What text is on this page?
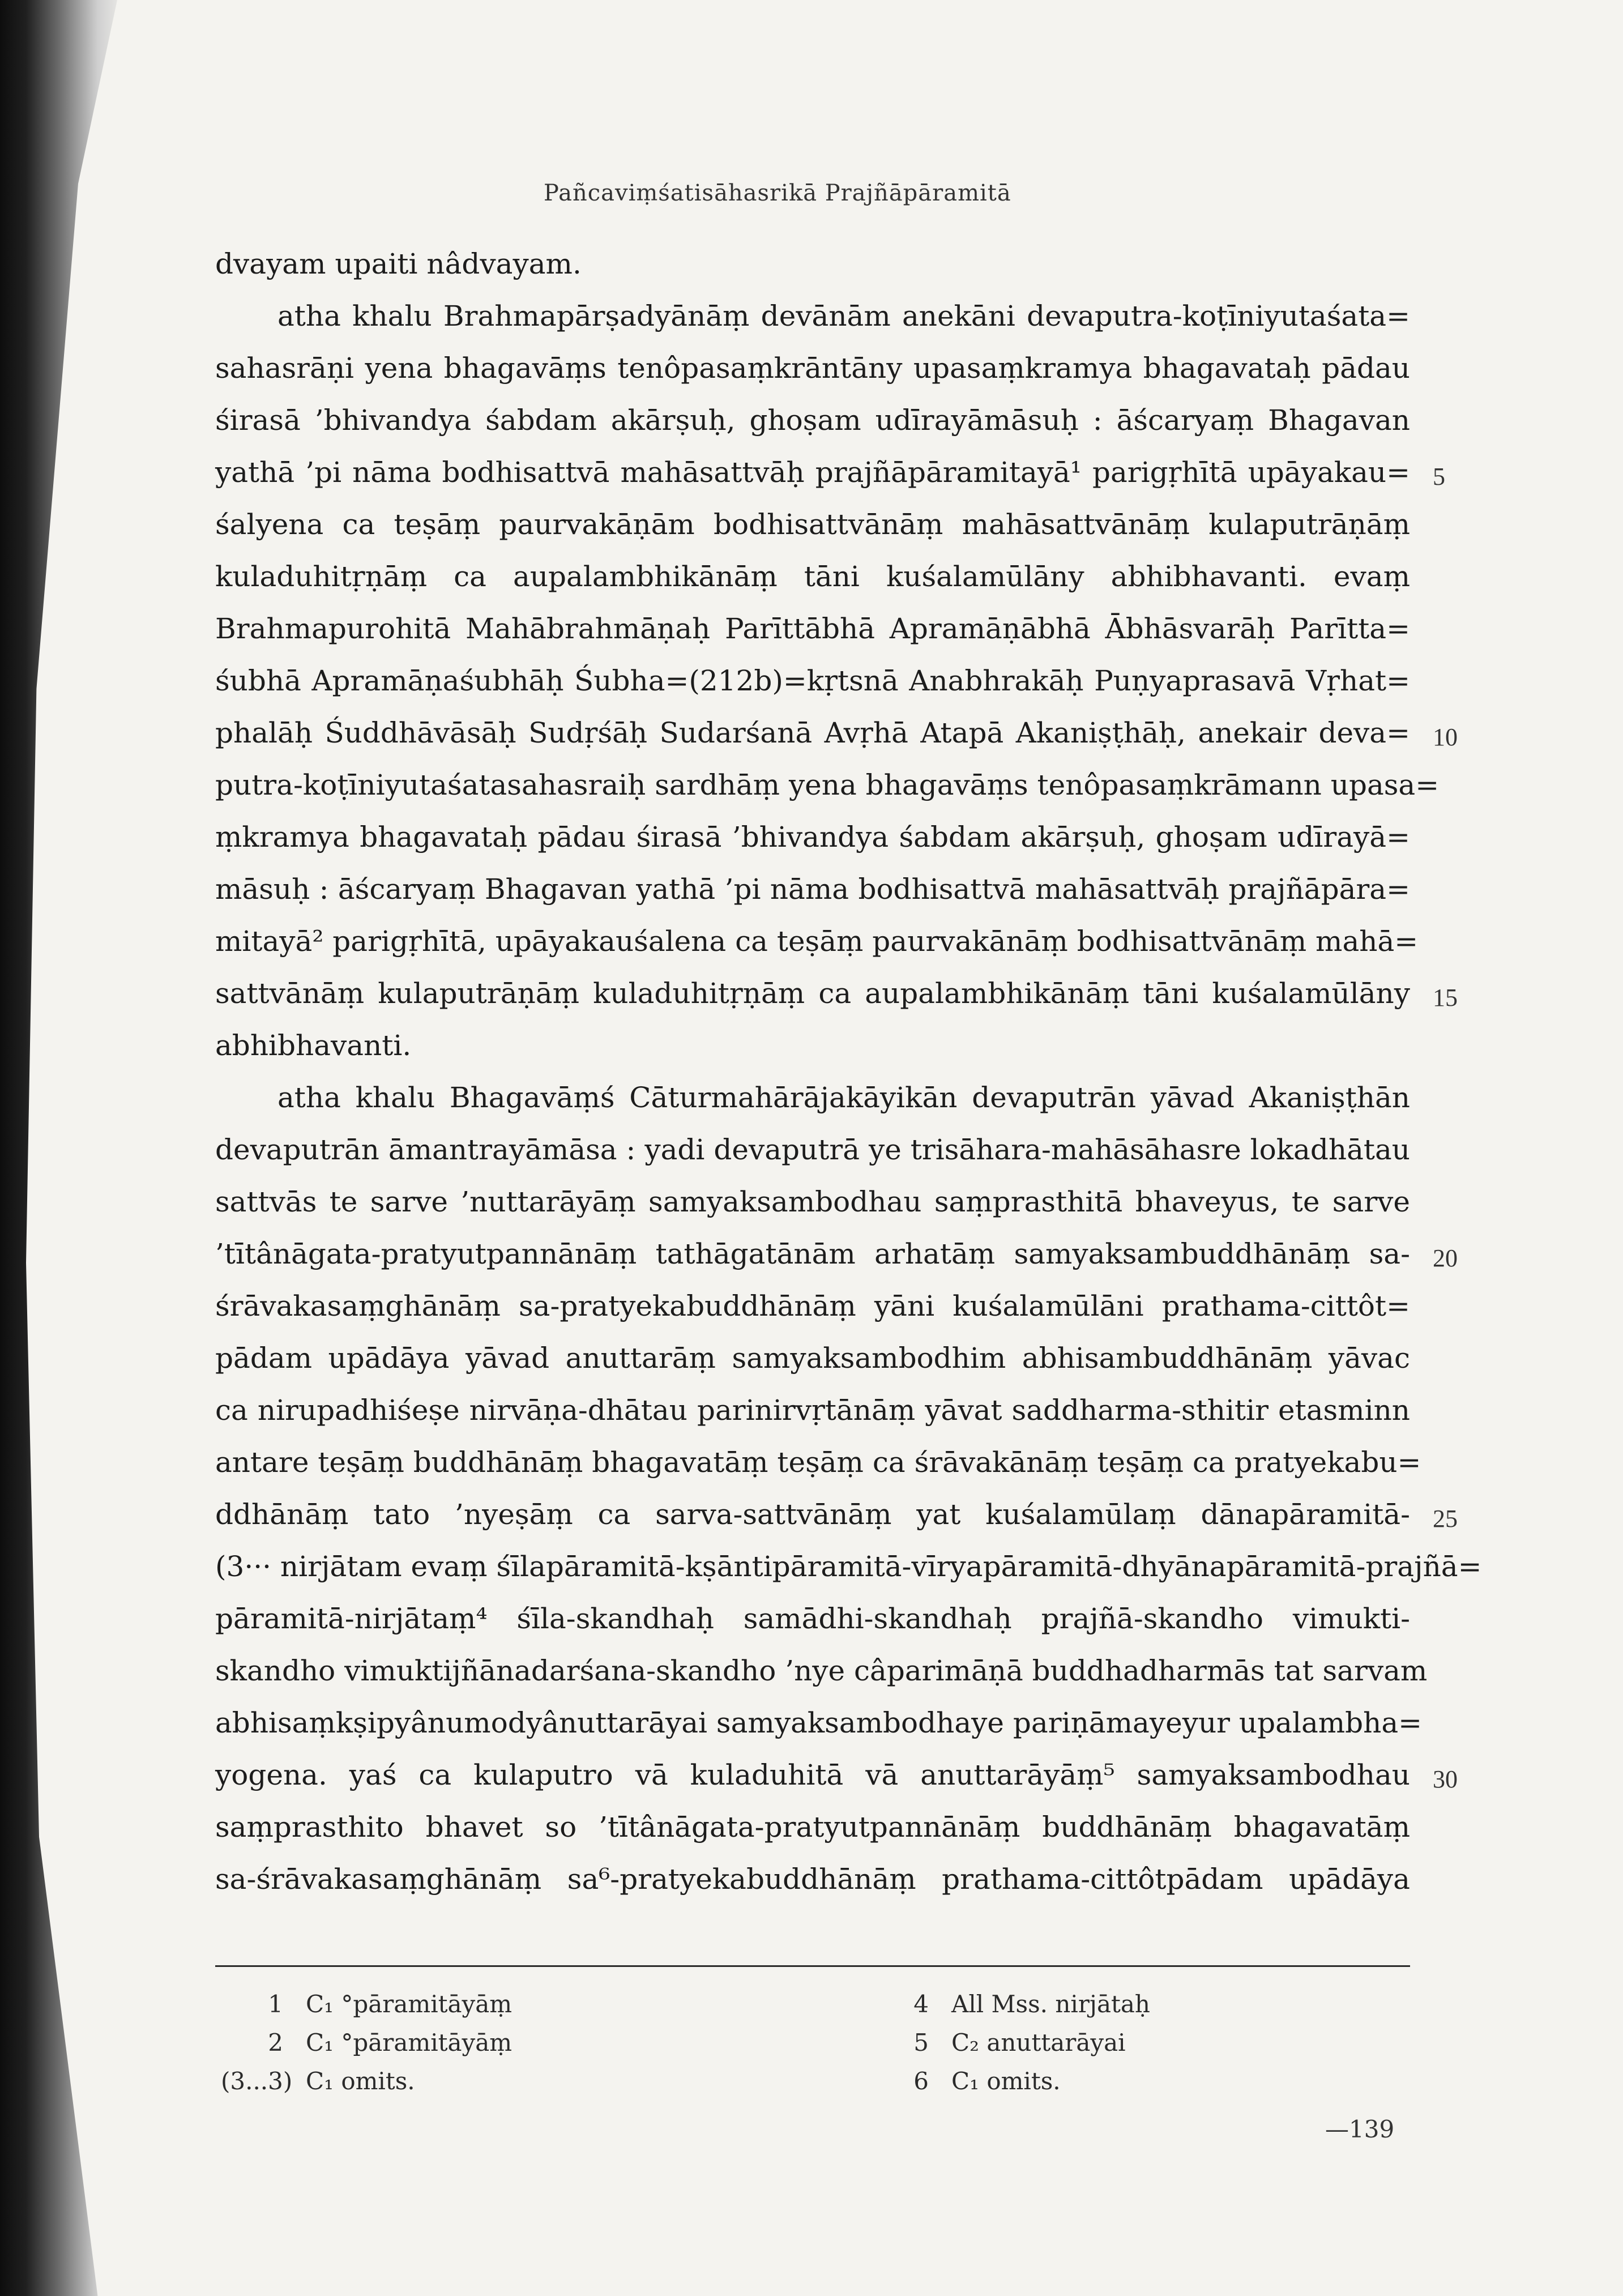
Pañcaviṃśatisāhasrikā Prajñāpāramitā
dvayam upaiti nâdvayam.
atha khalu Brahmapārṣadyānāṃ devānām anekāni devaputra-koṭīniyutaśata=
sahasrāṇi yena bhagavāṃs tenôpasaṃkrāntāny upasaṃkramya bhagavataḥ pādau
śirasā ’bhivandya śabdam akārṣuḥ, ghoṣam udīrayāmāsuḥ : āścaryaṃ Bhagavan
yathā ’pi nāma bodhisattvā mahāsattvāḥ prajñāpāramitayā¹ parigṛhītā upāyakau= 5
śalyena ca teṣāṃ paurvakāṇām bodhisattvānāṃ mahāsattvānāṃ kulaputrāṇāṃ
kuladuhitṛṇāṃ ca aupalambhikānāṃ tāni kuśalamūlāny abhibhavanti. evaṃ
Brahmapurohitā Mahābrahmāṇaḥ Parīttābhā Apramāṇābhā Ābhāsvarāḥ Parītta=
śubhā Apramāṇaśubhāḥ Śubha=(212b)=kṛtsnā Anabhrakāḥ Puṇyaprasavā Vṛhat=
phalāḥ Śuddhāvāsāḥ Sudṛśāḥ Sudarśanā Avṛhā Atapā Akaniṣṭhāḥ, anekair deva= 10
putra-koṭīniyutaśatasahasraiḥ sardhāṃ yena bhagavāṃs tenôpasaṃkrāmann upasa=
ṃkramya bhagavataḥ pādau śirasā ’bhivandya śabdam akārṣuḥ, ghoṣam udīrayā=
māsuḥ : āścaryaṃ Bhagavan yathā ’pi nāma bodhisattvā mahāsattvāḥ prajñāpāra=
mitayā² parigṛhītā, upāyakauśalena ca teṣāṃ paurvakānāṃ bodhisattvānāṃ mahā=
sattvānāṃ kulaputrāṇāṃ kuladuhitṛṇāṃ ca aupalambhikānāṃ tāni kuśalamūlāny 15
abhibhavanti.
atha khalu Bhagavāṃś Cāturmahārājakāyikān devaputrān yāvad Akaniṣṭhān
devaputrān āmantrayāmāsa : yadi devaputrā ye trisāhara-mahāsāhasre lokadhātau
sattvās te sarve ’nuttarāyāṃ samyaksambodhau saṃprasthitā bhaveyus, te sarve
’tītânāgata-pratyutpannānāṃ tathāgatānām arhatāṃ samyaksambuddhānāṃ sa- 20
śrāvakasaṃghānāṃ sa-pratyekabuddhānāṃ yāni kuśalamūlāni prathama-cittôt=
pādam upādāya yāvad anuttarāṃ samyaksambodhim abhisambuddhānāṃ yāvac
ca nirupadhiśeṣe nirvāṇa-dhātau parinirvṛtānāṃ yāvat saddharma-sthitir etasminn
antare teṣāṃ buddhānāṃ bhagavatāṃ teṣāṃ ca śrāvakānāṃ teṣāṃ ca pratyekabu=
ddhānāṃ tato ’nyeṣāṃ ca sarva-sattvānāṃ yat kuśalamūlaṃ dānapāramitā- 25
(3··· nirjātam evaṃ śīlapāramitā-kṣāntipāramitā-vīryapāramitā-dhyānapāramitā-prajñā=
pāramitā-nirjātaṃ⁴ śīla-skandhaḥ samādhi-skandhaḥ prajñā-skandho vimukti-
skandho vimuktijñānadarśana-skandho ’nye câparimāṇā buddhadharmās tat sarvam
abhisaṃkṣipyânumodyânuttarāyai samyaksambodhaye pariṇāmayeyur upalambha=
yogena. yaś ca kulaputro vā kuladuhitā vā anuttarāyāṃ⁵ samyaksambodhau 30
saṃprasthito bhavet so ’tītânāgata-pratyutpannānāṃ buddhānāṃ bhagavatāṃ
sa-śrāvakasaṃghānāṃ sa⁶-pratyekabuddhānāṃ prathama-cittôtpādam upādāya
1 C₁ °pāramitāyāṃ
2 C₁ °pāramitāyāṃ
(3...3) C₁ omits.
4 All Mss. nirjātaḥ
5 C₂ anuttarāyai
6 C₁ omits.
—139
